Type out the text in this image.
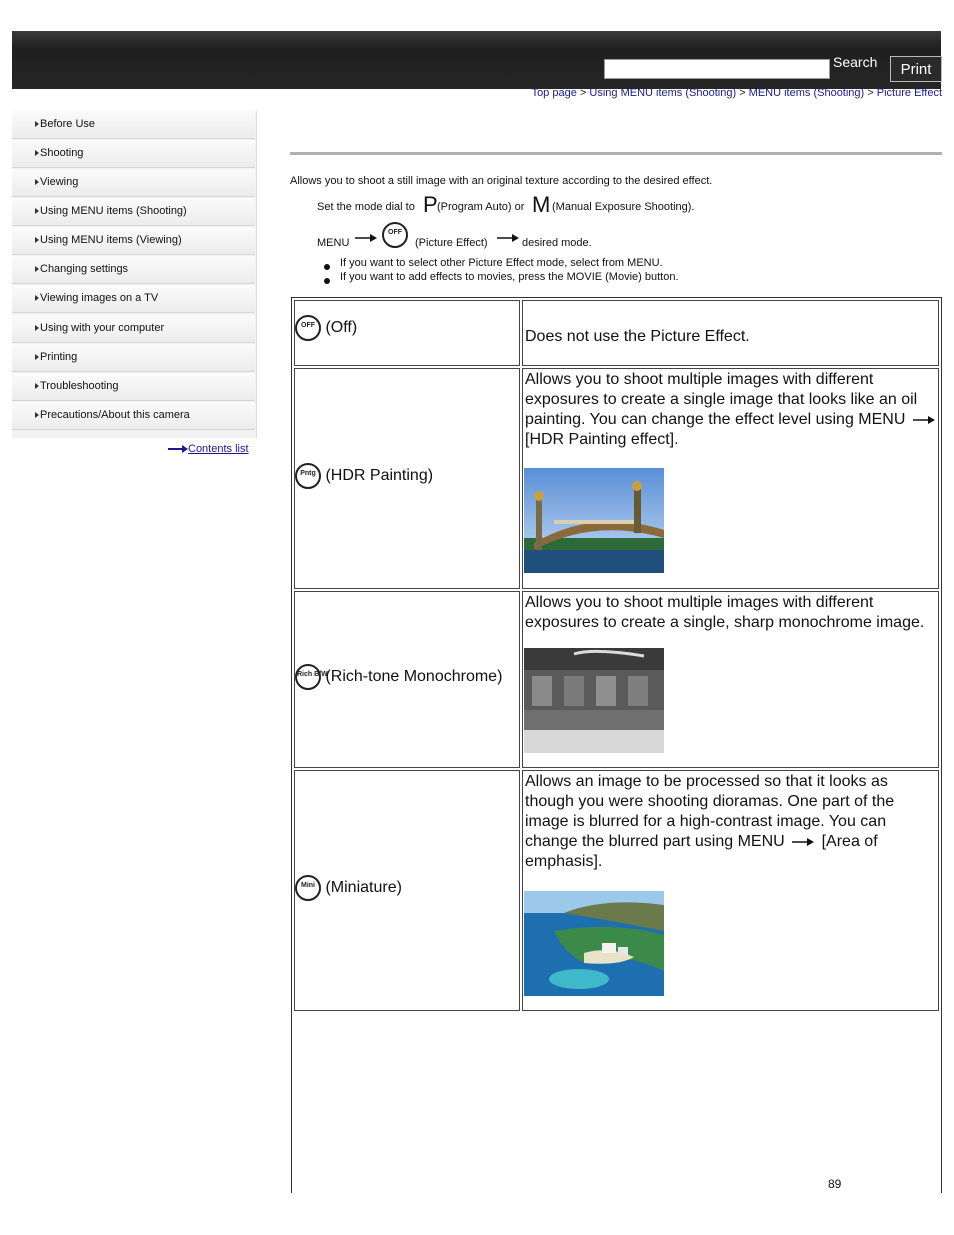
Search	Print
Top page > Using MENU items (Shooting) > MENU items (Shooting) > Picture Effect
Before Use
Shooting
Viewing
Using MENU items (Shooting)
Using MENU items (Viewing)
Changing settings
Viewing images on a TV
Using with your computer
Printing
Troubleshooting
Precautions/About this camera
Contents list
Allows you to shoot a still image with an original texture according to the desired effect.
Set the mode dial to P (Program Auto) or M (Manual Exposure Shooting).
MENU
OFF
(Picture Effect)	desired mode.
If you want to select other Picture Effect mode, select from MENU.
If you want to add effects to movies, press the MOVIE (Movie) button.
OFF (Off)
Does not use the Picture Effect.
Pntg (HDR Painting)
Allows you to shoot multiple images with different exposures to create a single image that looks like an oil painting. You can change the effect level using MENU  [HDR Painting effect].
Rich B/W
(Rich-tone Monochrome)
Allows you to shoot multiple images with different exposures to create a single, sharp monochrome image.
Mini (Miniature)
Allows an image to be processed so that it looks as though you were shooting dioramas. One part of the image is blurred for a high-contrast image. You can change the blurred part using MENU [Area of emphasis].
89
